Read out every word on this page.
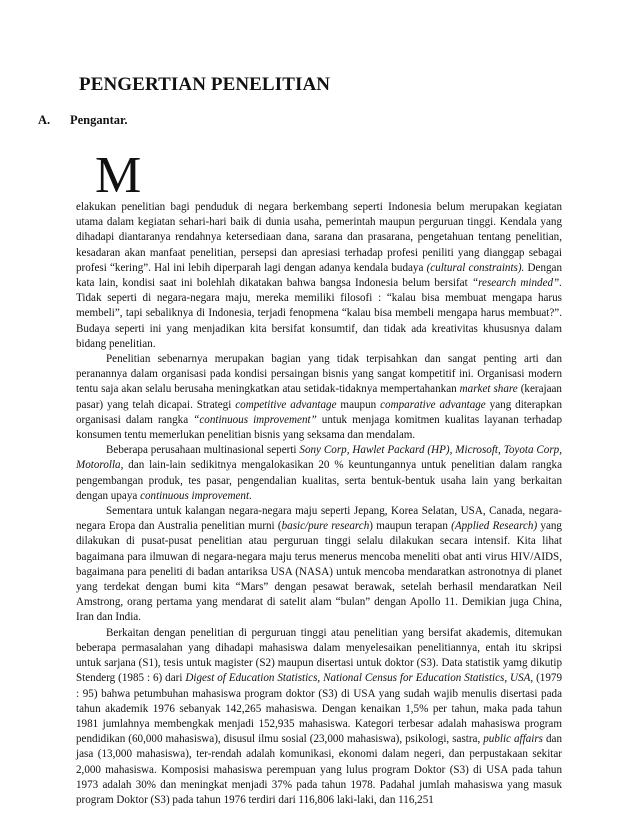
PENGERTIAN PENELITIAN
A. Pengantar.
M

elakukan penelitian bagi penduduk di negara berkembang seperti Indonesia belum merupakan kegiatan utama dalam kegiatan sehari-hari baik di dunia usaha, pemerintah maupun perguruan tinggi. Kendala yang dihadapi diantaranya rendahnya ketersediaan dana, sarana dan prasarana, pengetahuan tentang penelitian, kesadaran akan manfaat penelitian, persepsi dan apresiasi terhadap profesi peniliti yang dianggap sebagai profesi “kering”. Hal ini lebih diperparah lagi dengan adanya kendala budaya (cultural constraints). Dengan kata lain, kondisi saat ini bolehlah dikatakan bahwa bangsa Indonesia belum bersifat “research minded”. Tidak seperti di negara-negara maju, mereka memiliki filosofi : “kalau bisa membuat mengapa harus membeli”, tapi sebaliknya di Indonesia, terjadi fenopmena “kalau bisa membeli mengapa harus membuat?”. Budaya seperti ini yang menjadikan kita bersifat konsumtif, dan tidak ada kreativitas khususnya dalam bidang penelitian.

Penelitian sebenarnya merupakan bagian yang tidak terpisahkan dan sangat penting arti dan peranannya dalam organisasi pada kondisi persaingan bisnis yang sangat kompetitif ini. Organisasi modern tentu saja akan selalu berusaha meningkatkan atau setidak-tidaknya mempertahankan market share (kerajaan pasar) yang telah dicapai. Strategi competitive advantage maupun comparative advantage yang diterapkan organisasi dalam rangka “continuous improvement” untuk menjaga komitmen kualitas layanan terhadap konsumen tentu memerlukan penelitian bisnis yang seksama dan mendalam.

Beberapa perusahaan multinasional seperti Sony Corp, Hawlet Packard (HP), Microsoft, Toyota Corp, Motorolla, dan lain-lain sedikitnya mengalokasikan 20 % keuntungannya untuk penelitian dalam rangka pengembangan produk, tes pasar, pengendalian kualitas, serta bentuk-bentuk usaha lain yang berkaitan dengan upaya continuous improvement.

Sementara untuk kalangan negara-negara maju seperti Jepang, Korea Selatan, USA, Canada, negara-negara Eropa dan Australia penelitian murni (basic/pure research) maupun terapan (Applied Research) yang dilakukan di pusat-pusat penelitian atau perguruan tinggi selalu dilakukan secara intensif. Kita lihat bagaimana para ilmuwan di negara-negara maju terus menerus mencoba meneliti obat anti virus HIV/AIDS, bagaimana para peneliti di badan antariksa USA (NASA) untuk mencoba mendaratkan astronotnya di planet yang terdekat dengan bumi kita “Mars” dengan pesawat berawak, setelah berhasil mendaratkan Neil Amstrong, orang pertama yang mendarat di satelit alam “bulan” dengan Apollo 11. Demikian juga China, Iran dan India.

Berkaitan dengan penelitian di perguruan tinggi atau penelitian yang bersifat akademis, ditemukan beberapa permasalahan yang dihadapi mahasiswa dalam menyelesaikan penelitiannya, entah itu skripsi untuk sarjana (S1), tesis untuk magister (S2) maupun disertasi untuk doktor (S3). Data statistik yamg dikutip Stenderg (1985 : 6) dari Digest of Education Statistics, National Census for Education Statistics, USA, (1979 : 95) bahwa petumbuhan mahasiswa program doktor (S3) di USA yang sudah wajib menulis disertasi pada tahun akademik 1976 sebanyak 142,265 mahasiswa. Dengan kenaikan 1,5% per tahun, maka pada tahun 1981 jumlahnya membengkak menjadi 152,935 mahasiswa. Kategori terbesar adalah mahasiswa program pendidikan (60,000 mahasiswa), disusul ilmu sosial (23,000 mahasiswa), psikologi, sastra, public affairs dan jasa (13,000 mahasiswa), ter-rendah adalah komunikasi, ekonomi dalam negeri, dan perpustakaan sekitar 2,000 mahasiswa. Komposisi mahasiswa perempuan yang lulus program Doktor (S3) di USA pada tahun 1973 adalah 30% dan meningkat menjadi 37% pada tahun 1978. Padahal jumlah mahasiswa yang masuk program Doktor (S3) pada tahun 1976 terdiri dari 116,806 laki-laki, dan 116,251
